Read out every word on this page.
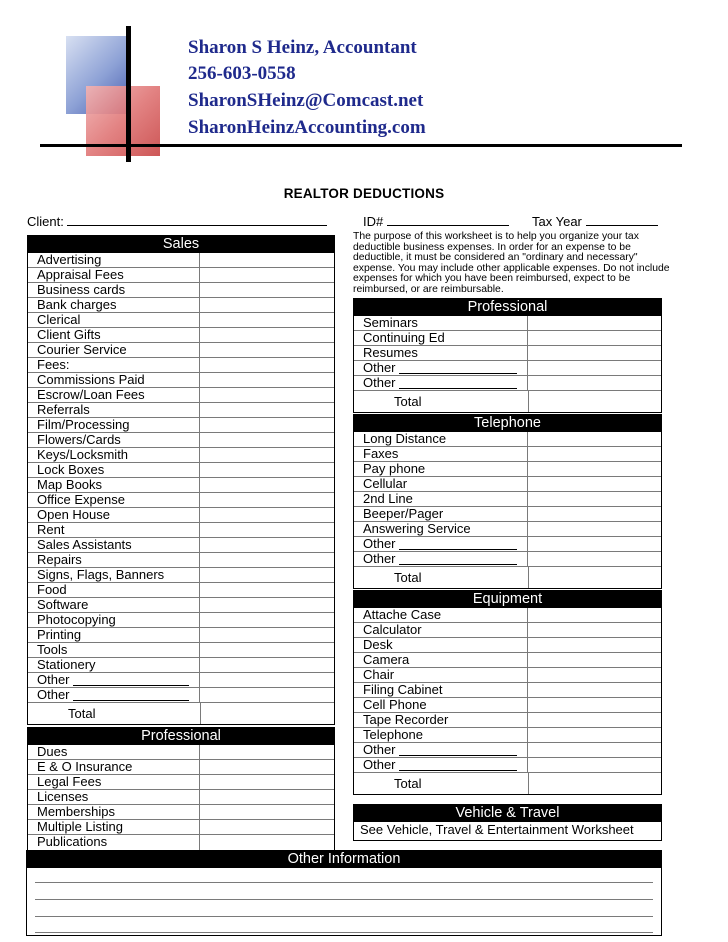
Sharon S Heinz, Accountant
256-603-0558
SharonSHeinz@Comcast.net
SharonHeinzAccounting.com
REALTOR DEDUCTIONS
Client:	ID#	Tax Year
The purpose of this worksheet is to help you organize your tax deductible business expenses. In order for an expense to be deductible, it must be considered an "ordinary and necessary" expense. You may include other applicable expenses. Do not include expenses for which you have been reimbursed, expect to be reimbursed, or are reimbursable.
Sales
Advertising
Appraisal Fees
Business cards
Bank charges
Clerical
Client Gifts
Courier Service
Fees:
Commissions Paid
Escrow/Loan Fees
Referrals
Film/Processing
Flowers/Cards
Keys/Locksmith
Lock Boxes
Map Books
Office Expense
Open House
Rent
Sales Assistants
Repairs
Signs, Flags, Banners
Food
Software
Photocopying
Printing
Tools
Stationery
Other
Other
Total
Professional
Dues
E & O Insurance
Legal Fees
Licenses
Memberships
Multiple Listing
Publications
Professional
Seminars
Continuing Ed
Resumes
Other
Other
Total
Telephone
Long Distance
Faxes
Pay phone
Cellular
2nd Line
Beeper/Pager
Answering Service
Other
Other
Total
Equipment
Attache Case
Calculator
Desk
Camera
Chair
Filing Cabinet
Cell Phone
Tape Recorder
Telephone
Other
Other
Total
Vehicle & Travel
See Vehicle, Travel & Entertainment Worksheet
Other Information
